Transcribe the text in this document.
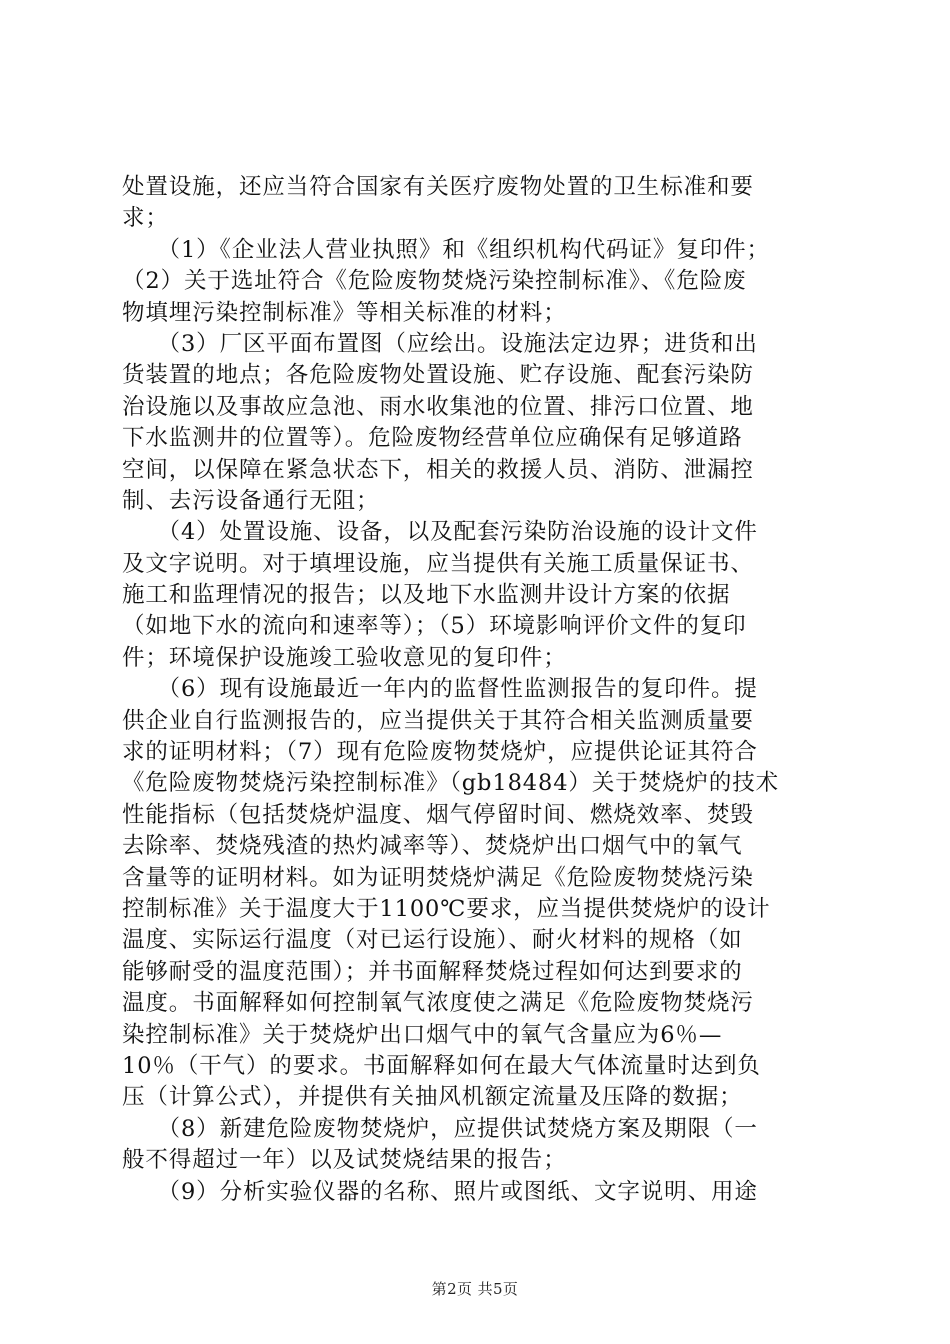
处置设施，还应当符合国家有关医疗废物处置的卫生标准和要
求；
　　（1）《企业法人营业执照》和《组织机构代码证》复印件；
（2）关于选址符合《危险废物焚烧污染控制标准》、《危险废
物填埋污染控制标准》等相关标准的材料；
　　（3）厂区平面布置图（应绘出。设施法定边界；进货和出
货装置的地点；各危险废物处置设施、贮存设施、配套污染防
治设施以及事故应急池、雨水收集池的位置、排污口位置、地
下水监测井的位置等）。危险废物经营单位应确保有足够道路
空间，以保障在紧急状态下，相关的救援人员、消防、泄漏控
制、去污设备通行无阻；
　　（4）处置设施、设备，以及配套污染防治设施的设计文件
及文字说明。对于填埋设施，应当提供有关施工质量保证书、
施工和监理情况的报告；以及地下水监测井设计方案的依据
（如地下水的流向和速率等）；（5）环境影响评价文件的复印
件；环境保护设施竣工验收意见的复印件；
　　（6）现有设施最近一年内的监督性监测报告的复印件。提
供企业自行监测报告的，应当提供关于其符合相关监测质量要
求的证明材料；（7）现有危险废物焚烧炉，应提供论证其符合
《危险废物焚烧污染控制标准》（gb18484）关于焚烧炉的技术
性能指标（包括焚烧炉温度、烟气停留时间、燃烧效率、焚毁
去除率、焚烧残渣的热灼减率等）、焚烧炉出口烟气中的氧气
含量等的证明材料。如为证明焚烧炉满足《危险废物焚烧污染
控制标准》关于温度大于1100℃要求，应当提供焚烧炉的设计
温度、实际运行温度（对已运行设施）、耐火材料的规格（如
能够耐受的温度范围）；并书面解释焚烧过程如何达到要求的
温度。书面解释如何控制氧气浓度使之满足《危险废物焚烧污
染控制标准》关于焚烧炉出口烟气中的氧气含量应为6％—
10％（干气）的要求。书面解释如何在最大气体流量时达到负
压（计算公式），并提供有关抽风机额定流量及压降的数据；
　　（8）新建危险废物焚烧炉，应提供试焚烧方案及期限（一
般不得超过一年）以及试焚烧结果的报告；
　　（9）分析实验仪器的名称、照片或图纸、文字说明、用途
第2页 共5页
